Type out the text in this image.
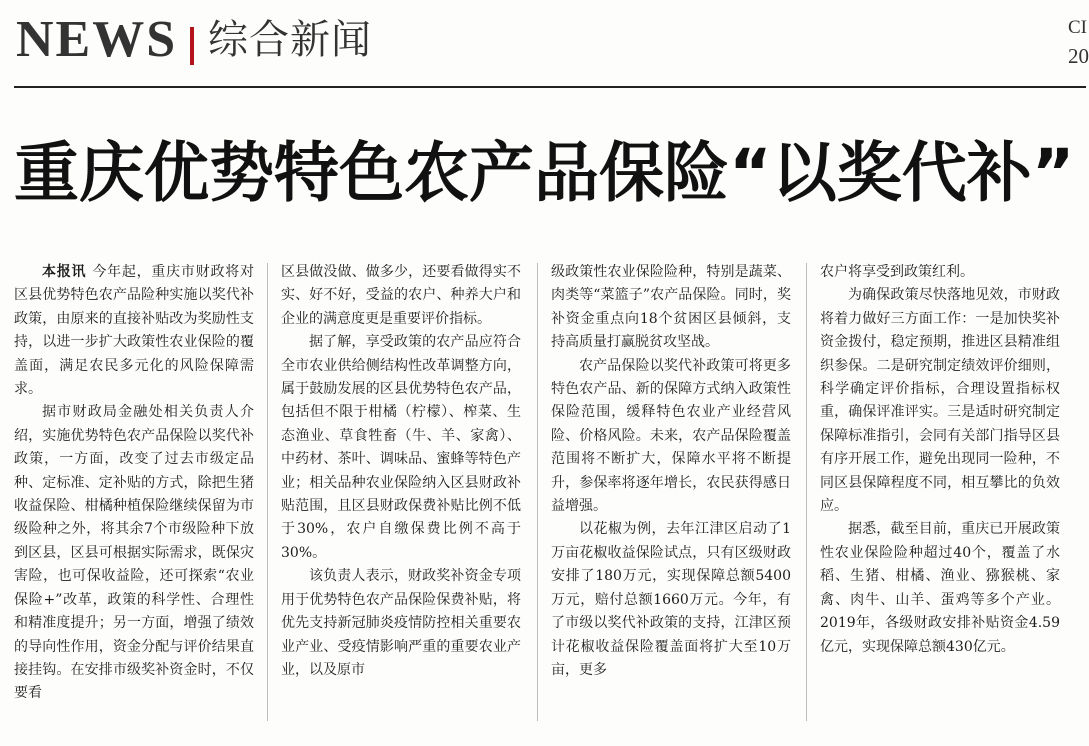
NEWS 综合新闻	CI
20
重庆优势特色农产品保险“以奖代补”

本报讯 今年起，重庆市财政将对区县优势特色农产品险种实施以奖代补政策，由原来的直接补贴改为奖励性支持，以进一步扩大政策性农业保险的覆盖面，满足农民多元化的风险保障需求。

据市财政局金融处相关负责人介绍，实施优势特色农产品保险以奖代补政策，一方面，改变了过去市级定品种、定标准、定补贴的方式，除把生猪收益保险、柑橘种植保险继续保留为市级险种之外，将其余7个市级险种下放到区县，区县可根据实际需求，既保灾害险，也可保收益险，还可探索“农业保险+”改革，政策的科学性、合理性和精准度提升；另一方面，增强了绩效的导向性作用，资金分配与评价结果直接挂钩。在安排市级奖补资金时，不仅要看

区县做没做、做多少，还要看做得实不实、好不好，受益的农户、种养大户和企业的满意度更是重要评价指标。

据了解，享受政策的农产品应符合全市农业供给侧结构性改革调整方向，属于鼓励发展的区县优势特色农产品，包括但不限于柑橘（柠檬）、榨菜、生态渔业、草食牲畜（牛、羊、家禽）、中药材、茶叶、调味品、蜜蜂等特色产业；相关品种农业保险纳入区县财政补贴范围，且区县财政保费补贴比例不低于30%，农户自缴保费比例不高于30%。

该负责人表示，财政奖补资金专项用于优势特色农产品保险保费补贴，将优先支持新冠肺炎疫情防控相关重要农业产业、受疫情影响严重的重要农业产业，以及原市

级政策性农业保险险种，特别是蔬菜、肉类等“菜篮子”农产品保险。同时，奖补资金重点向18个贫困区县倾斜，支持高质量打赢脱贫攻坚战。

农产品保险以奖代补政策可将更多特色农产品、新的保障方式纳入政策性保险范围，缓释特色农业产业经营风险、价格风险。未来，农产品保险覆盖范围将不断扩大，保障水平将不断提升，参保率将逐年增长，农民获得感日益增强。

以花椒为例，去年江津区启动了1万亩花椒收益保险试点，只有区级财政安排了180万元，实现保障总额5400万元，赔付总额1660万元。今年，有了市级以奖代补政策的支持，江津区预计花椒收益保险覆盖面将扩大至10万亩，更多

农户将享受到政策红利。

为确保政策尽快落地见效，市财政将着力做好三方面工作：一是加快奖补资金拨付，稳定预期，推进区县精准组织参保。二是研究制定绩效评价细则，科学确定评价指标，合理设置指标权重，确保评准评实。三是适时研究制定保障标准指引，会同有关部门指导区县有序开展工作，避免出现同一险种，不同区县保障程度不同，相互攀比的负效应。

据悉，截至目前，重庆已开展政策性农业保险险种超过40个，覆盖了水稻、生猪、柑橘、渔业、猕猴桃、家禽、肉牛、山羊、蛋鸡等多个产业。2019年，各级财政安排补贴资金4.59亿元，实现保障总额430亿元。
